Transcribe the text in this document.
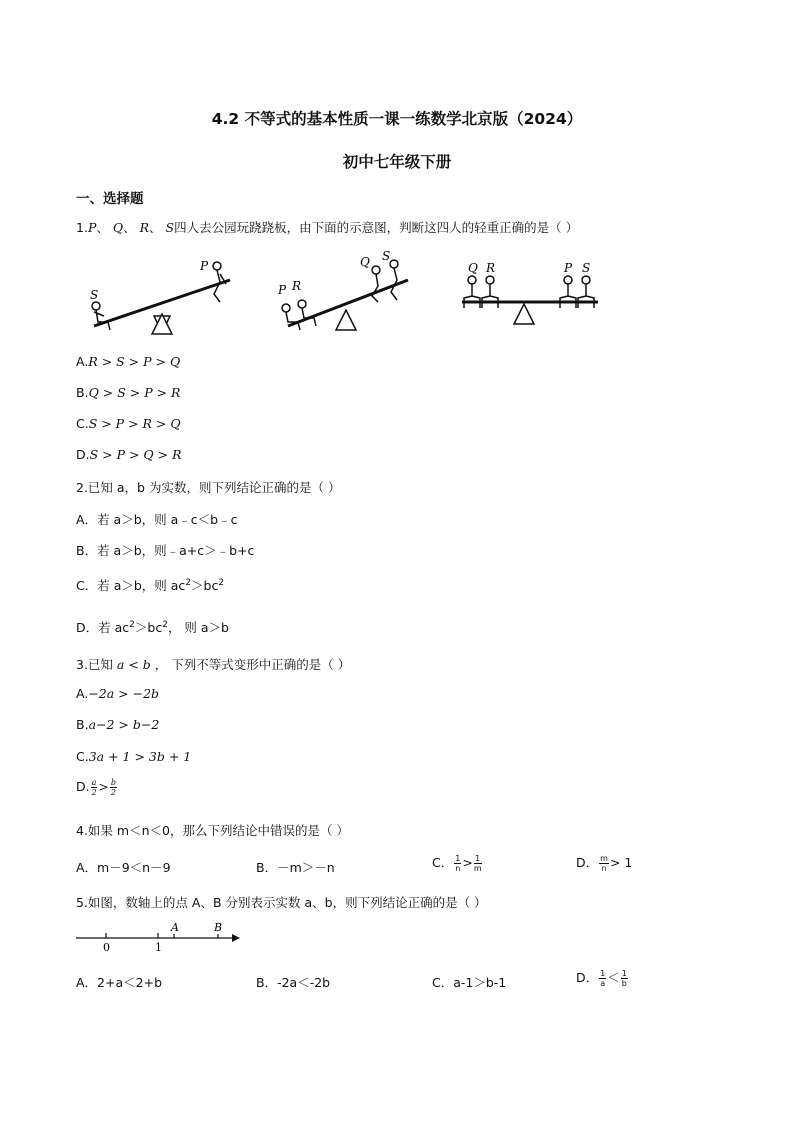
4.2 不等式的基本性质一课一练数学北京版（2024）
初中七年级下册
一、选择题
1.P、 Q、 R、 S四人去公园玩跷跷板，由下面的示意图，判断这四人的轻重正确的是（ ）
S
P
P R
Q S
Q R	P S
A.R > S > P > Q
B.Q > S > P > R
C.S > P > R > Q
D.S > P > Q > R
2.已知 a，b 为实数，则下列结论正确的是（ ）
A．若 a＞b，则 a﹣c＜b﹣c
B．若 a＞b，则﹣a+c＞﹣b+c
C．若 a＞b，则 $ac^2>bc^2$
D．若 $ac^2>bc^2$， 则 a＞b
3.已知 a < b ， 下列不等式变形中正确的是（ ）
A.−2a > −2b
B.a−2 > b−2
C.3a + 1 > 3b + 1
D. $\frac{a}{2} > \frac{b}{2}$
4.如果 m＜n＜0，那么下列结论中错误的是（ ）
A．m－9＜n－9	B．－m＞－n	C． $\frac{1}{n} > \frac{1}{m}$	D． $\frac{m}{n} > 1$
5.如图，数轴上的点 A、B 分别表示实数 a、b，则下列结论正确的是（ ）
0	1
A	B
A．2+a＜2+b	B．-2a＜-2b	C．a-1＞b-1	D． $\frac{1}{a} < \frac{1}{b}$
